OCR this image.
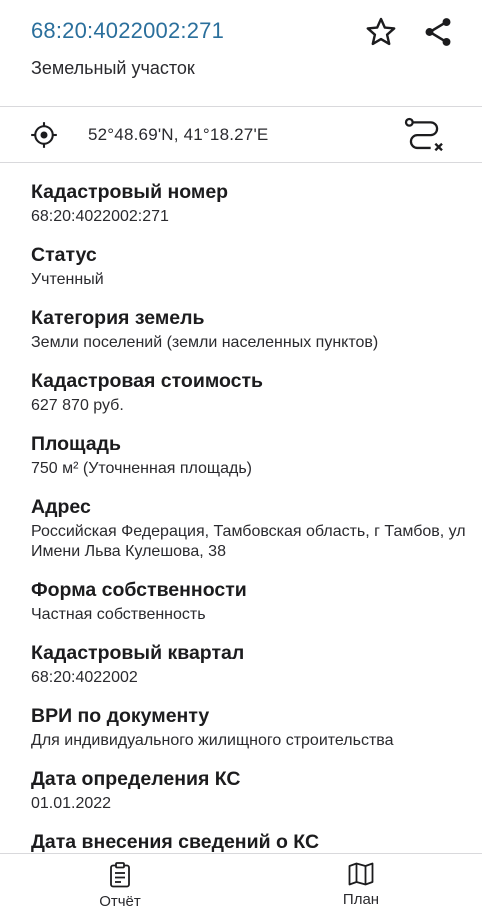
68:20:4022002:271
Земельный участок
52°48.69'N, 41°18.27'E
Кадастровый номер
68:20:4022002:271
Статус
Учтенный
Категория земель
Земли поселений (земли населенных пунктов)
Кадастровая стоимость
627 870 руб.
Площадь
750 м² (Уточненная площадь)
Адрес
Российская Федерация, Тамбовская область, г Тамбов, ул Имени Льва Кулешова, 38
Форма собственности
Частная собственность
Кадастровый квартал
68:20:4022002
ВРИ по документу
Для индивидуального жилищного строительства
Дата определения КС
01.01.2022
Дата внесения сведений о КС
Отчёт	План
